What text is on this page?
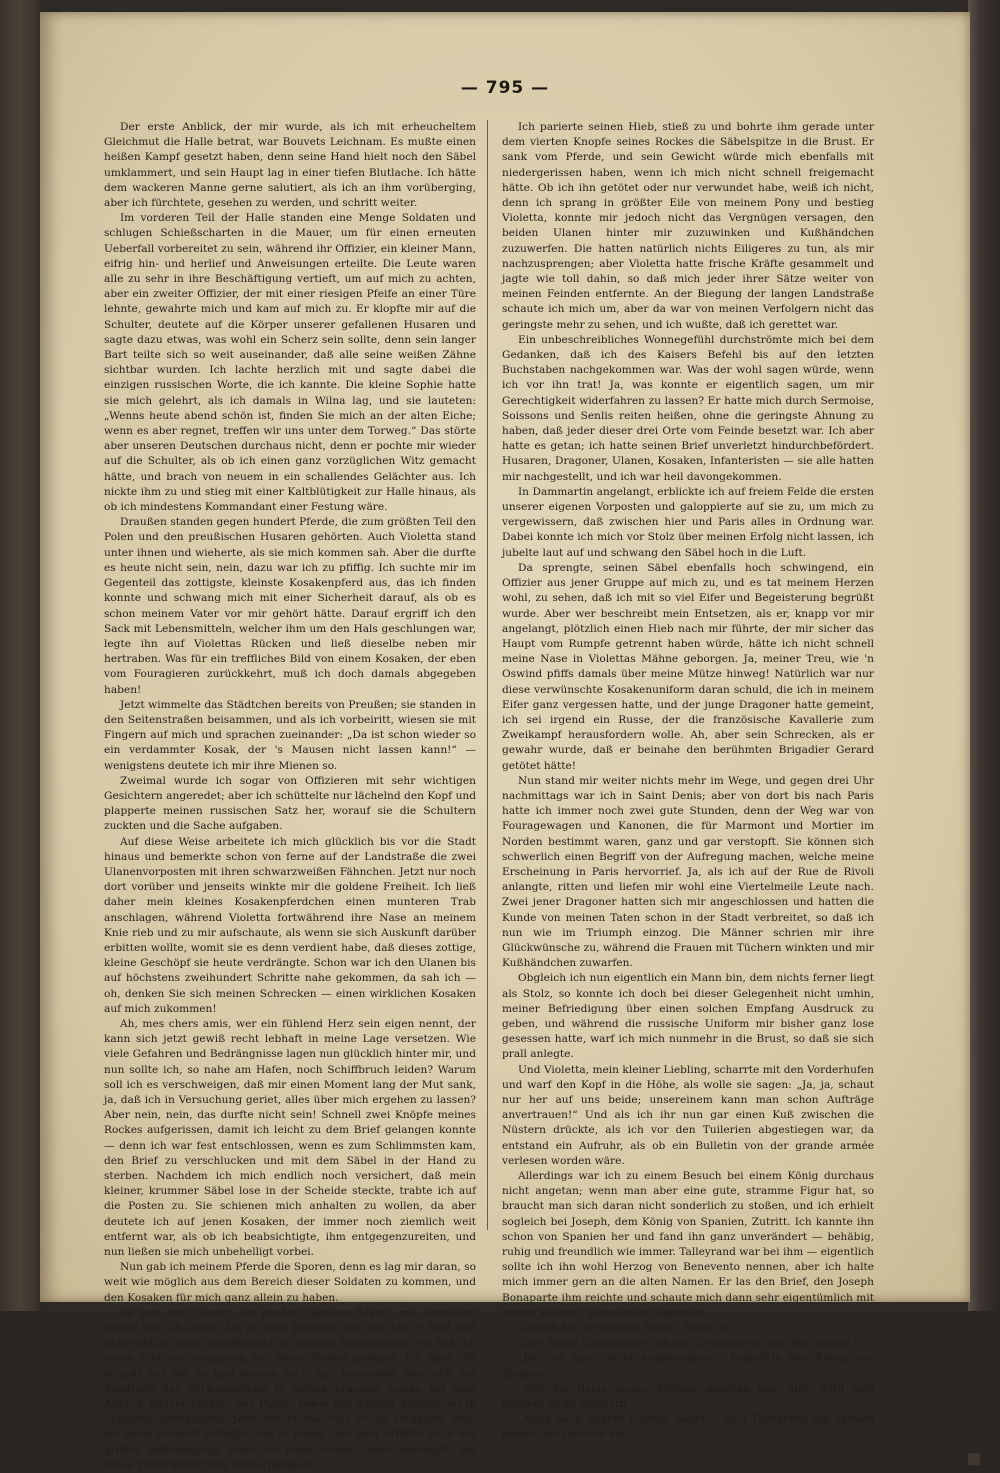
— 795 —

Der erste Anblick, der mir wurde, als ich mit erheucheltem Gleichmut die Halle betrat, war Bouvets Leichnam. Es mußte einen heißen Kampf gesetzt haben, denn seine Hand hielt noch den Säbel umklammert, und sein Haupt lag in einer tiefen Blutlache. Ich hätte dem wackeren Manne gerne salutiert, als ich an ihm vorüberging, aber ich fürchtete, gesehen zu werden, und schritt weiter.

Im vorderen Teil der Halle standen eine Menge Soldaten und schlugen Schießscharten in die Mauer, um für einen erneuten Ueberfall vorbereitet zu sein, während ihr Offizier, ein kleiner Mann, eifrig hin- und herlief und Anweisungen erteilte. Die Leute waren alle zu sehr in ihre Beschäftigung vertieft, um auf mich zu achten, aber ein zweiter Offizier, der mit einer riesigen Pfeife an einer Türe lehnte, gewahrte mich und kam auf mich zu. Er klopfte mir auf die Schulter, deutete auf die Körper unserer gefallenen Husaren und sagte dazu etwas, was wohl ein Scherz sein sollte, denn sein langer Bart teilte sich so weit auseinander, daß alle seine weißen Zähne sichtbar wurden. Ich lachte herzlich mit und sagte dabei die einzigen russischen Worte, die ich kannte. Die kleine Sophie hatte sie mich gelehrt, als ich damals in Wilna lag, und sie lauteten: „Wenns heute abend schön ist, finden Sie mich an der alten Eiche; wenn es aber regnet, treffen wir uns unter dem Torweg.“ Das störte aber unseren Deutschen durchaus nicht, denn er pochte mir wieder auf die Schulter, als ob ich einen ganz vorzüglichen Witz gemacht hätte, und brach von neuem in ein schallendes Gelächter aus. Ich nickte ihm zu und stieg mit einer Kaltblütigkeit zur Halle hinaus, als ob ich mindestens Kommandant einer Festung wäre.

Draußen standen gegen hundert Pferde, die zum größten Teil den Polen und den preußischen Husaren gehörten. Auch Violetta stand unter ihnen und wieherte, als sie mich kommen sah. Aber die durfte es heute nicht sein, nein, dazu war ich zu pfiffig. Ich suchte mir im Gegenteil das zottigste, kleinste Kosakenpferd aus, das ich finden konnte und schwang mich mit einer Sicherheit darauf, als ob es schon meinem Vater vor mir gehört hätte. Darauf ergriff ich den Sack mit Lebensmitteln, welcher ihm um den Hals geschlungen war, legte ihn auf Violettas Rücken und ließ dieselbe neben mir hertraben. Was für ein treffliches Bild von einem Kosaken, der eben vom Fouragieren zurückkehrt, muß ich doch damals abgegeben haben!

Jetzt wimmelte das Städtchen bereits von Preußen; sie standen in den Seitenstraßen beisammen, und als ich vorbeiritt, wiesen sie mit Fingern auf mich und sprachen zueinander: „Da ist schon wieder so ein verdammter Kosak, der 's Mausen nicht lassen kann!“ — wenigstens deutete ich mir ihre Mienen so.

Zweimal wurde ich sogar von Offizieren mit sehr wichtigen Gesichtern angeredet; aber ich schüttelte nur lächelnd den Kopf und plapperte meinen russischen Satz her, worauf sie die Schultern zuckten und die Sache aufgaben.

Auf diese Weise arbeitete ich mich glücklich bis vor die Stadt hinaus und bemerkte schon von ferne auf der Landstraße die zwei Ulanenvorposten mit ihren schwarzweißen Fähnchen. Jetzt nur noch dort vorüber und jenseits winkte mir die goldene Freiheit. Ich ließ daher mein kleines Kosakenpferdchen einen munteren Trab anschlagen, während Violetta fortwährend ihre Nase an meinem Knie rieb und zu mir aufschaute, als wenn sie sich Auskunft darüber erbitten wollte, womit sie es denn verdient habe, daß dieses zottige, kleine Geschöpf sie heute verdrängte. Schon war ich den Ulanen bis auf höchstens zweihundert Schritte nahe gekommen, da sah ich — oh, denken Sie sich meinen Schrecken — einen wirklichen Kosaken auf mich zukommen!

Ah, mes chers amis, wer ein fühlend Herz sein eigen nennt, der kann sich jetzt gewiß recht lebhaft in meine Lage versetzen. Wie viele Gefahren und Bedrängnisse lagen nun glücklich hinter mir, und nun sollte ich, so nahe am Hafen, noch Schiffbruch leiden? Warum soll ich es verschweigen, daß mir einen Moment lang der Mut sank, ja, daß ich in Versuchung geriet, alles über mich ergehen zu lassen? Aber nein, nein, das durfte nicht sein! Schnell zwei Knöpfe meines Rockes aufgerissen, damit ich leicht zu dem Brief gelangen konnte — denn ich war fest entschlossen, wenn es zum Schlimmsten kam, den Brief zu verschlucken und mit dem Säbel in der Hand zu sterben. Nachdem ich mich endlich noch versichert, daß mein kleiner, krummer Säbel lose in der Scheide steckte, trabte ich auf die Posten zu. Sie schienen mich anhalten zu wollen, da aber deutete ich auf jenen Kosaken, der immer noch ziemlich weit entfernt war, als ob ich beabsichtigte, ihm entgegenzureiten, und nun ließen sie mich unbehelligt vorbei.

Nun gab ich meinem Pferde die Sporen, denn es lag mir daran, so weit wie möglich aus dem Bereich dieser Soldaten zu kommen, und den Kosaken für mich ganz allein zu haben.

Es war ein Offizier, ein großer, bärtiger Mann, mit derselben Mütze wie ich selbst. Als er mich kommen sah, machte er Halt und unterstützte mich unwillkürlich in meinen Bemühungen, so daß ich einen schönen Vorsprung vor jenen Posten gewann. Ich aber ritt stracks auf ihn zu und konnte recht gut bemerken, wie sich der Ausdruck der Verwunderung in seinen braunen Augen bei dem Anblick meiner Person, des Ponys, sowie der ganzen Ausrüstung in Argwohn verwandelte. Jetzt rief er mir eine Frage entgegen, und, als keine Antwort erfolgte, zog er blank. Das aber erfüllte mich mit großer Befriedigung; denn ich habe immer lieber gekämpft, als einen Feind hinterlistig niedergehauen.

Ich parierte seinen Hieb, stieß zu und bohrte ihm gerade unter dem vierten Knopfe seines Rockes die Säbelspitze in die Brust. Er sank vom Pferde, und sein Gewicht würde mich ebenfalls mit niedergerissen haben, wenn ich mich nicht schnell freigemacht hätte. Ob ich ihn getötet oder nur verwundet habe, weiß ich nicht, denn ich sprang in größter Eile von meinem Pony und bestieg Violetta, konnte mir jedoch nicht das Vergnügen versagen, den beiden Ulanen hinter mir zuzuwinken und Kußhändchen zuzuwerfen. Die hatten natürlich nichts Eiligeres zu tun, als mir nachzusprengen; aber Violetta hatte frische Kräfte gesammelt und jagte wie toll dahin, so daß mich jeder ihrer Sätze weiter von meinen Feinden entfernte. An der Biegung der langen Landstraße schaute ich mich um, aber da war von meinen Verfolgern nicht das geringste mehr zu sehen, und ich wußte, daß ich gerettet war.

Ein unbeschreibliches Wonnegefühl durchströmte mich bei dem Gedanken, daß ich des Kaisers Befehl bis auf den letzten Buchstaben nachgekommen war. Was der wohl sagen würde, wenn ich vor ihn trat! Ja, was konnte er eigentlich sagen, um mir Gerechtigkeit widerfahren zu lassen? Er hatte mich durch Sermoise, Soissons und Senlis reiten heißen, ohne die geringste Ahnung zu haben, daß jeder dieser drei Orte vom Feinde besetzt war. Ich aber hatte es getan; ich hatte seinen Brief unverletzt hindurchbefördert. Husaren, Dragoner, Ulanen, Kosaken, Infanteristen — sie alle hatten mir nachgestellt, und ich war heil davongekommen.

In Dammartin angelangt, erblickte ich auf freiem Felde die ersten unserer eigenen Vorposten und galoppierte auf sie zu, um mich zu vergewissern, daß zwischen hier und Paris alles in Ordnung war. Dabei konnte ich mich vor Stolz über meinen Erfolg nicht lassen, ich jubelte laut auf und schwang den Säbel hoch in die Luft.

Da sprengte, seinen Säbel ebenfalls hoch schwingend, ein Offizier aus jener Gruppe auf mich zu, und es tat meinem Herzen wohl, zu sehen, daß ich mit so viel Eifer und Begeisterung begrüßt wurde. Aber wer beschreibt mein Entsetzen, als er, knapp vor mir angelangt, plötzlich einen Hieb nach mir führte, der mir sicher das Haupt vom Rumpfe getrennt haben würde, hätte ich nicht schnell meine Nase in Violettas Mähne geborgen. Ja, meiner Treu, wie 'n Oswind pfiffs damals über meine Mütze hinweg! Natürlich war nur diese verwünschte Kosakenuniform daran schuld, die ich in meinem Eifer ganz vergessen hatte, und der junge Dragoner hatte gemeint, ich sei irgend ein Russe, der die französische Kavallerie zum Zweikampf herausfordern wolle. Ah, aber sein Schrecken, als er gewahr wurde, daß er beinahe den berühmten Brigadier Gerard getötet hätte!

Nun stand mir weiter nichts mehr im Wege, und gegen drei Uhr nachmittags war ich in Saint Denis; aber von dort bis nach Paris hatte ich immer noch zwei gute Stunden, denn der Weg war von Fouragewagen und Kanonen, die für Marmont und Mortier im Norden bestimmt waren, ganz und gar verstopft. Sie können sich schwerlich einen Begriff von der Aufregung machen, welche meine Erscheinung in Paris hervorrief. Ja, als ich auf der Rue de Rivoli anlangte, ritten und liefen mir wohl eine Viertelmeile Leute nach. Zwei jener Dragoner hatten sich mir angeschlossen und hatten die Kunde von meinen Taten schon in der Stadt verbreitet, so daß ich nun wie im Triumph einzog. Die Männer schrien mir ihre Glückwünsche zu, während die Frauen mit Tüchern winkten und mir Kußhändchen zuwarfen.

Obgleich ich nun eigentlich ein Mann bin, dem nichts ferner liegt als Stolz, so konnte ich doch bei dieser Gelegenheit nicht umhin, meiner Befriedigung über einen solchen Empfang Ausdruck zu geben, und während die russische Uniform mir bisher ganz lose gesessen hatte, warf ich mich nunmehr in die Brust, so daß sie sich prall anlegte.

Und Violetta, mein kleiner Liebling, scharrte mit den Vorderhufen und warf den Kopf in die Höhe, als wolle sie sagen: „Ja, ja, schaut nur her auf uns beide; unsereinem kann man schon Aufträge anvertrauen!“ Und als ich ihr nun gar einen Kuß zwischen die Nüstern drückte, als ich vor den Tuilerien abgestiegen war, da entstand ein Aufruhr, als ob ein Bulletin von der grande armée verlesen worden wäre.

Allerdings war ich zu einem Besuch bei einem König durchaus nicht angetan; wenn man aber eine gute, stramme Figur hat, so braucht man sich daran nicht sonderlich zu stoßen, und ich erhielt sogleich bei Joseph, dem König von Spanien, Zutritt. Ich kannte ihn schon von Spanien her und fand ihn ganz unverändert — behäbig, ruhig und freundlich wie immer. Talleyrand war bei ihm — eigentlich sollte ich ihn wohl Herzog von Benevento nennen, aber ich halte mich immer gern an die alten Namen. Er las den Brief, den Joseph Bonaparte ihm reichte und schaute mich dann sehr eigentümlich mit seinen kleinen, blinzelnden Augen an.

„Waren Sie der einzige Bote?“ fragte er.

„Der Major Charpentier von den Grenadieren war der andere.“

„Der ist noch nicht angekommen,“ bemerkte der König von Spanien.

„Wer die Beine seines Pferdes gesehen hat, Sire, wird sich darüber nicht wundern.“

„Kann auch andere Gründe haben,“ warf Talleyrand mit seinem komischen Lächeln ein.
